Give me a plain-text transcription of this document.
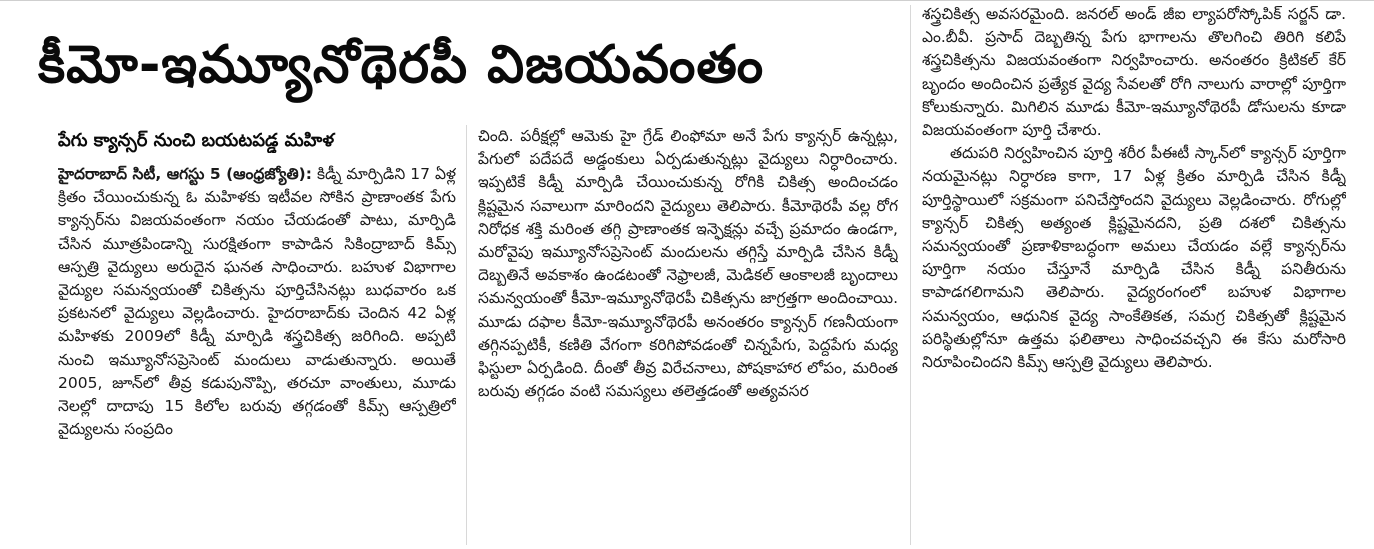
కీమో-ఇమ్యూనోథెరపీ విజయవంతం
పేగు క్యాన్సర్‌ నుంచి బయటపడ్డ మహిళ

హైదరాబాద్‌ సిటీ, ఆగస్టు 5 (ఆంధ్రజ్యోతి): కిడ్నీ మార్పిడిని 17 ఏళ్ల క్రితం చేయించుకున్న ఓ మహిళకు ఇటీవల సోకిన ప్రాణాంతక పేగు క్యాన్సర్‌ను విజయవంతంగా నయం చేయడంతో పాటు, మార్పిడి చేసిన మూత్రపిండాన్ని సురక్షితంగా కాపాడిన సికింద్రాబాద్‌ కిమ్స్‌ ఆస్పత్రి వైద్యులు అరుదైన ఘనత సాధించారు. బహుళ విభాగాల వైద్యుల సమన్వయంతో చికిత్సను పూర్తిచేసినట్లు బుధవారం ఒక ప్రకటనలో వైద్యులు వెల్లడించారు. హైదరాబాద్‌కు చెందిన 42 ఏళ్ల మహిళకు 2009లో కిడ్నీ మార్పిడి శస్త్రచికిత్స జరిగింది. అప్పటి నుంచి ఇమ్యూనోసప్రెసెంట్‌ మందులు వాడుతున్నారు. అయితే 2005, జూన్‌లో తీవ్ర కడుపునొప్పి, తరచూ వాంతులు, మూడు నెలల్లో దాదాపు 15 కిలోల బరువు తగ్గడంతో కిమ్స్‌ ఆస్పత్రిలో వైద్యులను సంప్రదిం

చింది. పరీక్షల్లో ఆమెకు హై గ్రేడ్‌ లింఫోమా అనే పేగు క్యాన్సర్‌ ఉన్నట్లు, పేగులో పదేపదే అడ్డంకులు ఏర్పడుతున్నట్లు వైద్యులు నిర్ధారించారు. ఇప్పటికే కిడ్నీ మార్పిడి చేయించుకున్న రోగికి చికిత్స అందించడం క్లిష్టమైన సవాలుగా మారిందని వైద్యులు తెలిపారు. కీమోథెరపీ వల్ల రోగ నిరోధక శక్తి మరింత తగ్గి ప్రాణాంతక ఇన్ఫెక్షన్లు వచ్చే ప్రమాదం ఉండగా, మరోవైపు ఇమ్యూనోసప్రెసెంట్‌ మందులను తగ్గిస్తే మార్పిడి చేసిన కిడ్నీ దెబ్బతినే అవకాశం ఉండటంతో నెఫ్రాలజీ, మెడికల్‌ ఆంకాలజీ బృందాలు సమన్వయంతో కీమో-ఇమ్యూనోథెరపీ చికిత్సను జాగ్రత్తగా అందించాయి. మూడు దఫాల కీమో-ఇమ్యూనోథెరపీ అనంతరం క్యాన్సర్‌ గణనీయంగా తగ్గినప్పటికీ, కణితి వేగంగా కరిగిపోవడంతో చిన్నపేగు, పెద్దపేగు మధ్య ఫిస్టులా ఏర్పడింది. దీంతో తీవ్ర విరేచనాలు, పోషకాహార లోపం, మరింత బరువు తగ్గడం వంటి సమస్యలు తలెత్తడంతో అత్యవసర

శస్త్రచికిత్స అవసరమైంది. జనరల్‌ అండ్‌ జీఐ ల్యాపరోస్కోపిక్‌ సర్జన్‌ డా. ఎం.బీవీ. ప్రసాద్‌ దెబ్బతిన్న పేగు భాగాలను తొలగించి తిరిగి కలిపే శస్త్రచికిత్సను విజయవంతంగా నిర్వహించారు. అనంతరం క్రిటికల్‌ కేర్‌ బృందం అందించిన ప్రత్యేక వైద్య సేవలతో రోగి నాలుగు వారాల్లో పూర్తిగా కోలుకున్నారు. మిగిలిన మూడు కీమో-ఇమ్యూనోథెరపీ డోసులను కూడా విజయవంతంగా పూర్తి చేశారు.

తదుపరి నిర్వహించిన పూర్తి శరీర పీఈటీ స్కాన్‌లో క్యాన్సర్‌ పూర్తిగా నయమైనట్లు నిర్ధారణ కాగా, 17 ఏళ్ల క్రితం మార్పిడి చేసిన కిడ్నీ పూర్తిస్థాయిలో సక్రమంగా పనిచేస్తోందని వైద్యులు వెల్లడించారు. రోగుల్లో క్యాన్సర్‌ చికిత్స అత్యంత క్లిష్టమైనదని, ప్రతి దశలో చికిత్సను సమన్వయంతో ప్రణాళికాబద్ధంగా అమలు చేయడం వల్లే క్యాన్సర్‌ను పూర్తిగా నయం చేస్తూనే మార్పిడి చేసిన కిడ్నీ పనితీరును కాపాడగలిగామని తెలిపారు. వైద్యరంగంలో బహుళ విభాగాల సమన్వయం, ఆధునిక వైద్య సాంకేతికత, సమగ్ర చికిత్సతో క్లిష్టమైన పరిస్థితుల్లోనూ ఉత్తమ ఫలితాలు సాధించవచ్చని ఈ కేసు మరోసారి నిరూపించిందని కిమ్స్‌ ఆస్పత్రి వైద్యులు తెలిపారు.
